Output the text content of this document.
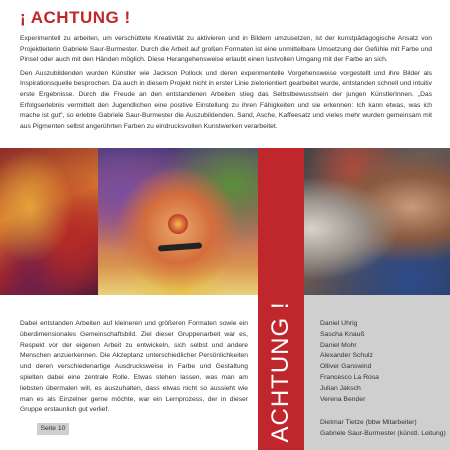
¡ ACHTUNG !

Experimentell zu arbeiten, um verschüttete Kreativität zu aktivieren und in Bildern umzusetzen, ist der kunstpädagogische Ansatz von Projektleiterin Gabriele Saur-Burmester. Durch die Arbeit auf großen Formaten ist eine unmittelbare Umsetzung der Gefühle mit Farbe und Pinsel oder auch mit den Händen möglich. Diese Herangehensweise erlaubt einen lustvollen Umgang mit der Farbe an sich.

Den Auszubildenden wurden Künstler wie Jackson Pollock und deren experimentelle Vorgehensweise vorgestellt und ihre Bilder als Inspirationsquelle besprochen. Da auch in diesem Projekt nicht in erster Linie zielorientiert gearbeitet wurde, entstanden schnell und intuitiv erste Ergebnisse. Durch die Freude an den entstandenen Arbeiten stieg das Selbstbewusstsein der jungen KünstlerInnen. „Das Erfolgserlebnis vermittelt den Jugendlichen eine positive Einstellung zu ihren Fähigkeiten und sie erkennen: Ich kann etwas, was ich mache ist gut“, so erlebte Gabriele Saur-Burmester die Auszubildenden. Sand, Asche, Kaffeesatz und vieles mehr wurden gemeinsam mit aus Pigmenten selbst angerührten Farben zu eindrucksvollen Kunstwerken verarbeitet.

ACHTUNG !	Daniel Uhrig
Sascha Knauß
Daniel Mohr
Alexander Schulz
Olliver Ganswind
Francesco La Rosa
Julian Jaksch
Verena Bender
Dietmar Tietze (bbw Mitarbeiter)
Gabriele Saur-Burmester (künstl. Leitung)
Dabei entstanden Arbeiten auf kleineren und größeren Formaten sowie ein überdimensionales Gemeinschaftsbild. Ziel dieser Gruppenarbeit war es, Respekt vor der eigenen Arbeit zu entwickeln, sich selbst und andere Menschen anzuerkennen. Die Akzeptanz unterschiedlicher Persönlichkeiten und deren verschiedenartige Ausdrucksweise in Farbe und Gestaltung spielten dabei eine zentrale Rolle. Etwas stehen lassen, was man am liebsten übermalen will, es auszuhalten, dass etwas nicht so aussieht wie man es als Einzelner gerne möchte, war ein Lernprozess, der in dieser Gruppe erstaunlich gut verlief.
Seite 10
